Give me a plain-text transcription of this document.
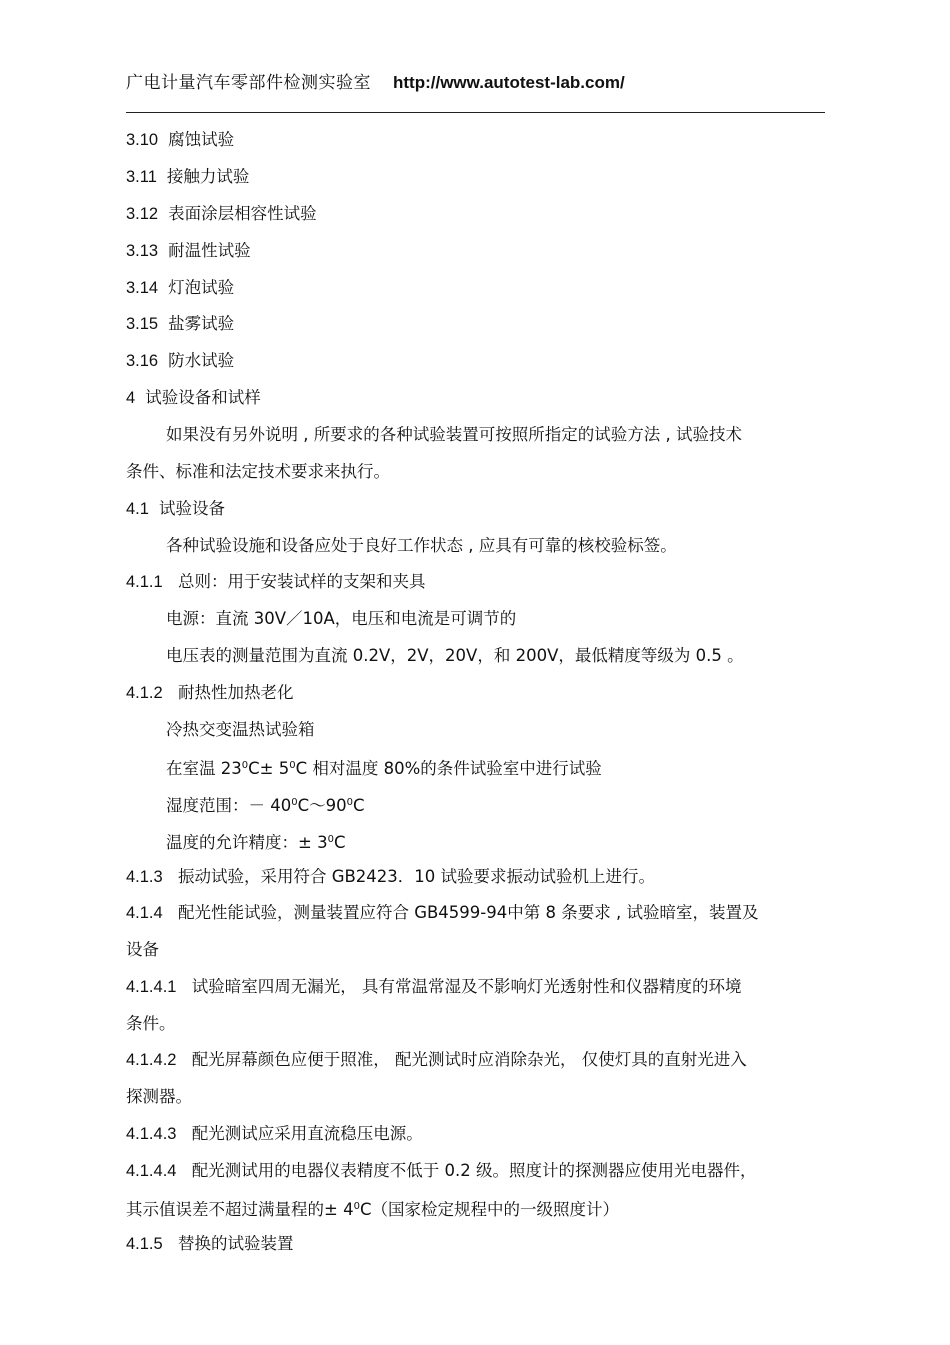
广电计量汽车零部件检测实验室 http://www.autotest-lab.com/
3.10 腐蚀试验
3.11 接触力试验
3.12 表面涂层相容性试验
3.13 耐温性试验
3.14 灯泡试验
3.15 盐雾试验
3.16 防水试验
4 试验设备和试样
如果没有另外说明 , 所要求的各种试验装置可按照所指定的试验方法 , 试验技术
条件、标准和法定技术要求来执行。
4.1 试验设备
各种试验设施和设备应处于良好工作状态 , 应具有可靠的核校验标签。
4.1.1 总则：用于安装试样的支架和夹具
电源：直流 30V／10A，电压和电流是可调节的
电压表的测量范围为直流 0.2V，2V，20V，和 200V，最低精度等级为 0.5 。
4.1.2 耐热性加热老化
冷热交变温热试验箱
在室温 $23^0C\pm 5^0C$ 相对温度 80%的条件试验室中进行试验
湿度范围：－ $40^0C\sim 90^0C$
温度的允许精度：± $3^0C$
4.1.3 振动试验，采用符合 GB2423．10 试验要求振动试验机上进行。
4.1.4 配光性能试验，测量装置应符合 GB4599-94中第 8 条要求 , 试验暗室，装置及
设备
4.1.4.1 试验暗室四周无漏光， 具有常温常湿及不影响灯光透射性和仪器精度的环境
条件。
4.1.4.2 配光屏幕颜色应便于照准， 配光测试时应消除杂光， 仅使灯具的直射光进入
探测器。
4.1.4.3 配光测试应采用直流稳压电源。
4.1.4.4 配光测试用的电器仪表精度不低于 0.2 级。照度计的探测器应使用光电器件，
其示值误差不超过满量程的± $4^0C$（国家检定规程中的一级照度计）
4.1.5 替换的试验装置
